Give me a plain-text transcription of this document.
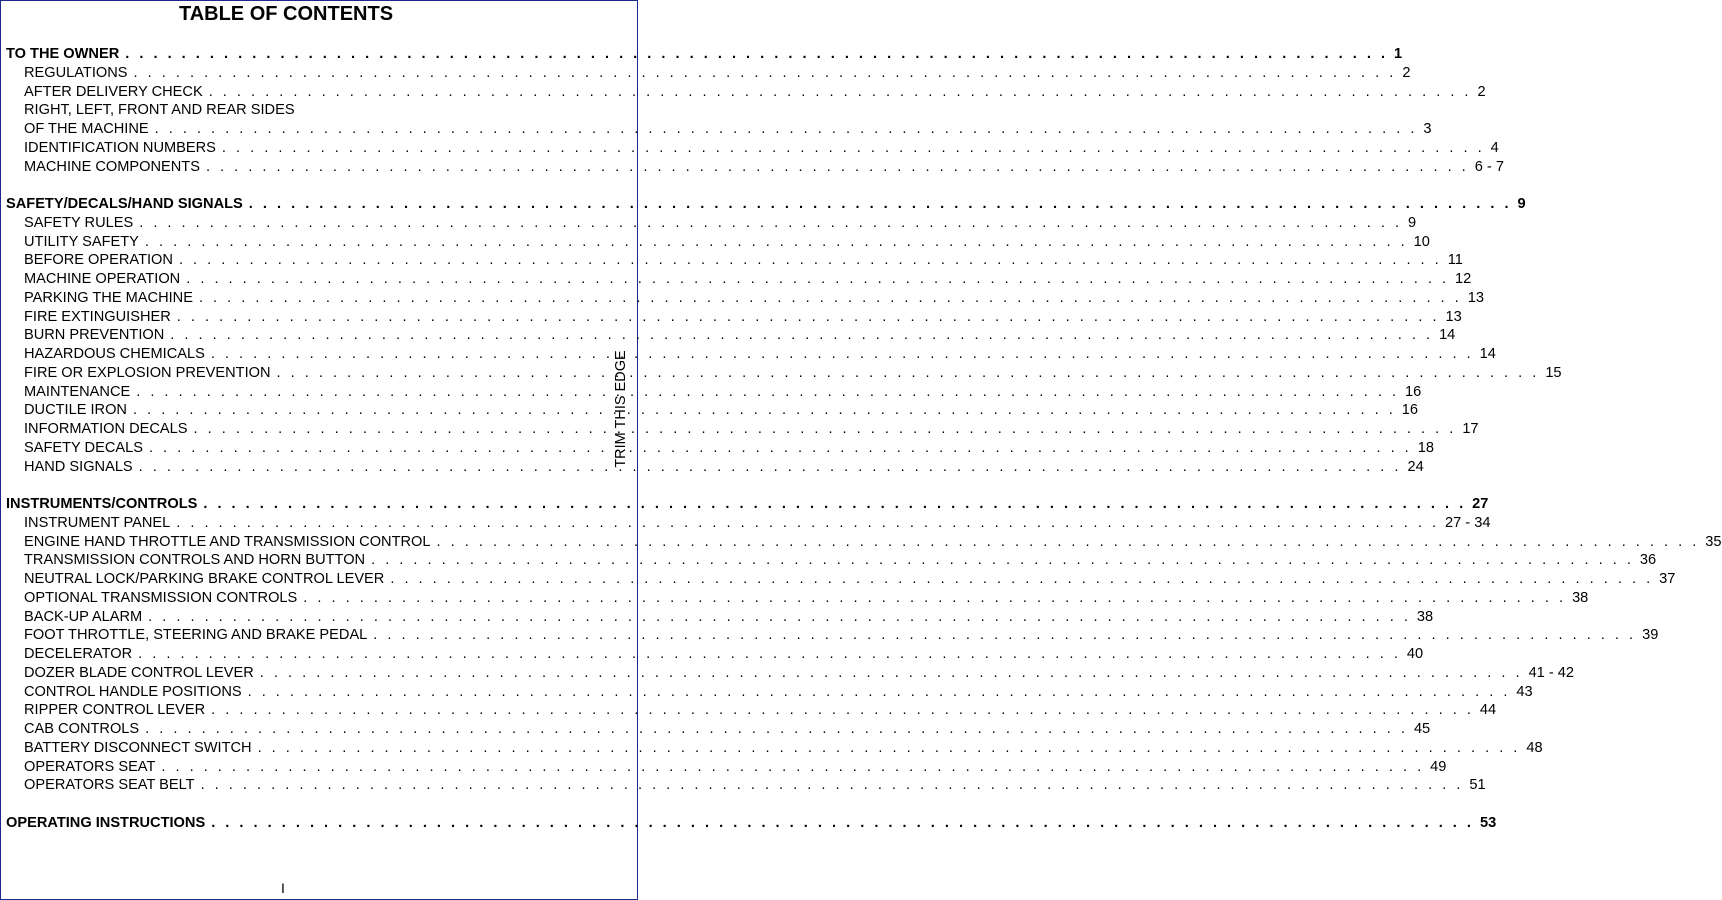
TABLE OF CONTENTS
TO THE OWNER . . . . . . . . . . . . . . . . . . . . . . . . . . . . . . . . . . . . . . . . . . . . . . . . . . . . . . . . . . . . . . . . . . . . . . . . . . . . . . . . . . . . . . . . . . 1
REGULATIONS . . . . . . . . . . . . . . . . . . . . . . . . . . . . . . . . . . . . . . . . . . . . . . . . . . . . . . . . . . . . . . . . . . . . . . . . . . . . . . . . . . . . . . . . . . 2
AFTER DELIVERY CHECK . . . . . . . . . . . . . . . . . . . . . . . . . . . . . . . . . . . . . . . . . . . . . . . . . . . . . . . . . . . . . . . . . . . . . . . . . . . . . . . . . . . . . . . . . . 2
RIGHT, LEFT, FRONT AND REAR SIDES
OF THE MACHINE . . . . . . . . . . . . . . . . . . . . . . . . . . . . . . . . . . . . . . . . . . . . . . . . . . . . . . . . . . . . . . . . . . . . . . . . . . . . . . . . . . . . . . . . . . 3
IDENTIFICATION NUMBERS . . . . . . . . . . . . . . . . . . . . . . . . . . . . . . . . . . . . . . . . . . . . . . . . . . . . . . . . . . . . . . . . . . . . . . . . . . . . . . . . . . . . . . . . . . 4
MACHINE COMPONENTS . . . . . . . . . . . . . . . . . . . . . . . . . . . . . . . . . . . . . . . . . . . . . . . . . . . . . . . . . . . . . . . . . . . . . . . . . . . . . . . . . . . . . . . . . . 6 - 7
SAFETY/DECALS/HAND SIGNALS . . . . . . . . . . . . . . . . . . . . . . . . . . . . . . . . . . . . . . . . . . . . . . . . . . . . . . . . . . . . . . . . . . . . . . . . . . . . . . . . . . . . . . . . . . 9
SAFETY RULES . . . . . . . . . . . . . . . . . . . . . . . . . . . . . . . . . . . . . . . . . . . . . . . . . . . . . . . . . . . . . . . . . . . . . . . . . . . . . . . . . . . . . . . . . . 9
UTILITY SAFETY . . . . . . . . . . . . . . . . . . . . . . . . . . . . . . . . . . . . . . . . . . . . . . . . . . . . . . . . . . . . . . . . . . . . . . . . . . . . . . . . . . . . . . . . . . 10
BEFORE OPERATION . . . . . . . . . . . . . . . . . . . . . . . . . . . . . . . . . . . . . . . . . . . . . . . . . . . . . . . . . . . . . . . . . . . . . . . . . . . . . . . . . . . . . . . . . . 11
MACHINE OPERATION . . . . . . . . . . . . . . . . . . . . . . . . . . . . . . . . . . . . . . . . . . . . . . . . . . . . . . . . . . . . . . . . . . . . . . . . . . . . . . . . . . . . . . . . . . 12
PARKING THE MACHINE . . . . . . . . . . . . . . . . . . . . . . . . . . . . . . . . . . . . . . . . . . . . . . . . . . . . . . . . . . . . . . . . . . . . . . . . . . . . . . . . . . . . . . . . . . 13
FIRE EXTINGUISHER . . . . . . . . . . . . . . . . . . . . . . . . . . . . . . . . . . . . . . . . . . . . . . . . . . . . . . . . . . . . . . . . . . . . . . . . . . . . . . . . . . . . . . . . . . 13
BURN PREVENTION . . . . . . . . . . . . . . . . . . . . . . . . . . . . . . . . . . . . . . . . . . . . . . . . . . . . . . . . . . . . . . . . . . . . . . . . . . . . . . . . . . . . . . . . . . 14
HAZARDOUS CHEMICALS . . . . . . . . . . . . . . . . . . . . . . . . . . . . . . . . . . . . . . . . . . . . . . . . . . . . . . . . . . . . . . . . . . . . . . . . . . . . . . . . . . . . . . . . . . 14
FIRE OR EXPLOSION PREVENTION . . . . . . . . . . . . . . . . . . . . . . . . . . . . . . . . . . . . . . . . . . . . . . . . . . . . . . . . . . . . . . . . . . . . . . . . . . . . . . . . . . . . . . . . . . 15
MAINTENANCE . . . . . . . . . . . . . . . . . . . . . . . . . . . . . . . . . . . . . . . . . . . . . . . . . . . . . . . . . . . . . . . . . . . . . . . . . . . . . . . . . . . . . . . . . . 16
DUCTILE IRON . . . . . . . . . . . . . . . . . . . . . . . . . . . . . . . . . . . . . . . . . . . . . . . . . . . . . . . . . . . . . . . . . . . . . . . . . . . . . . . . . . . . . . . . . . 16
INFORMATION DECALS . . . . . . . . . . . . . . . . . . . . . . . . . . . . . . . . . . . . . . . . . . . . . . . . . . . . . . . . . . . . . . . . . . . . . . . . . . . . . . . . . . . . . . . . . . 17
SAFETY DECALS . . . . . . . . . . . . . . . . . . . . . . . . . . . . . . . . . . . . . . . . . . . . . . . . . . . . . . . . . . . . . . . . . . . . . . . . . . . . . . . . . . . . . . . . . . 18
HAND SIGNALS . . . . . . . . . . . . . . . . . . . . . . . . . . . . . . . . . . . . . . . . . . . . . . . . . . . . . . . . . . . . . . . . . . . . . . . . . . . . . . . . . . . . . . . . . . 24
INSTRUMENTS/CONTROLS . . . . . . . . . . . . . . . . . . . . . . . . . . . . . . . . . . . . . . . . . . . . . . . . . . . . . . . . . . . . . . . . . . . . . . . . . . . . . . . . . . . . . . . . . . 27
INSTRUMENT PANEL . . . . . . . . . . . . . . . . . . . . . . . . . . . . . . . . . . . . . . . . . . . . . . . . . . . . . . . . . . . . . . . . . . . . . . . . . . . . . . . . . . . . . . . . . . 27 - 34
ENGINE HAND THROTTLE AND TRANSMISSION CONTROL . . . . . . . . . . . . . . . . . . . . . . . . . . . . . . . . . . . . . . . . . . . . . . . . . . . . . . . . . . . . . . . . . . . . . . . . . . . . . . . . . . . . . . . . . . 35
TRANSMISSION CONTROLS AND HORN BUTTON . . . . . . . . . . . . . . . . . . . . . . . . . . . . . . . . . . . . . . . . . . . . . . . . . . . . . . . . . . . . . . . . . . . . . . . . . . . . . . . . . . . . . . . . . . 36
NEUTRAL LOCK/PARKING BRAKE CONTROL LEVER . . . . . . . . . . . . . . . . . . . . . . . . . . . . . . . . . . . . . . . . . . . . . . . . . . . . . . . . . . . . . . . . . . . . . . . . . . . . . . . . . . . . . . . . . . 37
OPTIONAL TRANSMISSION CONTROLS . . . . . . . . . . . . . . . . . . . . . . . . . . . . . . . . . . . . . . . . . . . . . . . . . . . . . . . . . . . . . . . . . . . . . . . . . . . . . . . . . . . . . . . . . . 38
BACK-UP ALARM . . . . . . . . . . . . . . . . . . . . . . . . . . . . . . . . . . . . . . . . . . . . . . . . . . . . . . . . . . . . . . . . . . . . . . . . . . . . . . . . . . . . . . . . . . 38
FOOT THROTTLE, STEERING AND BRAKE PEDAL . . . . . . . . . . . . . . . . . . . . . . . . . . . . . . . . . . . . . . . . . . . . . . . . . . . . . . . . . . . . . . . . . . . . . . . . . . . . . . . . . . . . . . . . . . 39
DECELERATOR . . . . . . . . . . . . . . . . . . . . . . . . . . . . . . . . . . . . . . . . . . . . . . . . . . . . . . . . . . . . . . . . . . . . . . . . . . . . . . . . . . . . . . . . . . 40
DOZER BLADE CONTROL LEVER . . . . . . . . . . . . . . . . . . . . . . . . . . . . . . . . . . . . . . . . . . . . . . . . . . . . . . . . . . . . . . . . . . . . . . . . . . . . . . . . . . . . . . . . . . 41 - 42
CONTROL HANDLE POSITIONS . . . . . . . . . . . . . . . . . . . . . . . . . . . . . . . . . . . . . . . . . . . . . . . . . . . . . . . . . . . . . . . . . . . . . . . . . . . . . . . . . . . . . . . . . . 43
RIPPER CONTROL LEVER . . . . . . . . . . . . . . . . . . . . . . . . . . . . . . . . . . . . . . . . . . . . . . . . . . . . . . . . . . . . . . . . . . . . . . . . . . . . . . . . . . . . . . . . . . 44
CAB CONTROLS . . . . . . . . . . . . . . . . . . . . . . . . . . . . . . . . . . . . . . . . . . . . . . . . . . . . . . . . . . . . . . . . . . . . . . . . . . . . . . . . . . . . . . . . . . 45
BATTERY DISCONNECT SWITCH . . . . . . . . . . . . . . . . . . . . . . . . . . . . . . . . . . . . . . . . . . . . . . . . . . . . . . . . . . . . . . . . . . . . . . . . . . . . . . . . . . . . . . . . . . 48
OPERATORS SEAT . . . . . . . . . . . . . . . . . . . . . . . . . . . . . . . . . . . . . . . . . . . . . . . . . . . . . . . . . . . . . . . . . . . . . . . . . . . . . . . . . . . . . . . . . . 49
OPERATORS SEAT BELT . . . . . . . . . . . . . . . . . . . . . . . . . . . . . . . . . . . . . . . . . . . . . . . . . . . . . . . . . . . . . . . . . . . . . . . . . . . . . . . . . . . . . . . . . . 51
OPERATING INSTRUCTIONS . . . . . . . . . . . . . . . . . . . . . . . . . . . . . . . . . . . . . . . . . . . . . . . . . . . . . . . . . . . . . . . . . . . . . . . . . . . . . . . . . . . . . . . . . . 53
TRIM THIS EDGE
I
